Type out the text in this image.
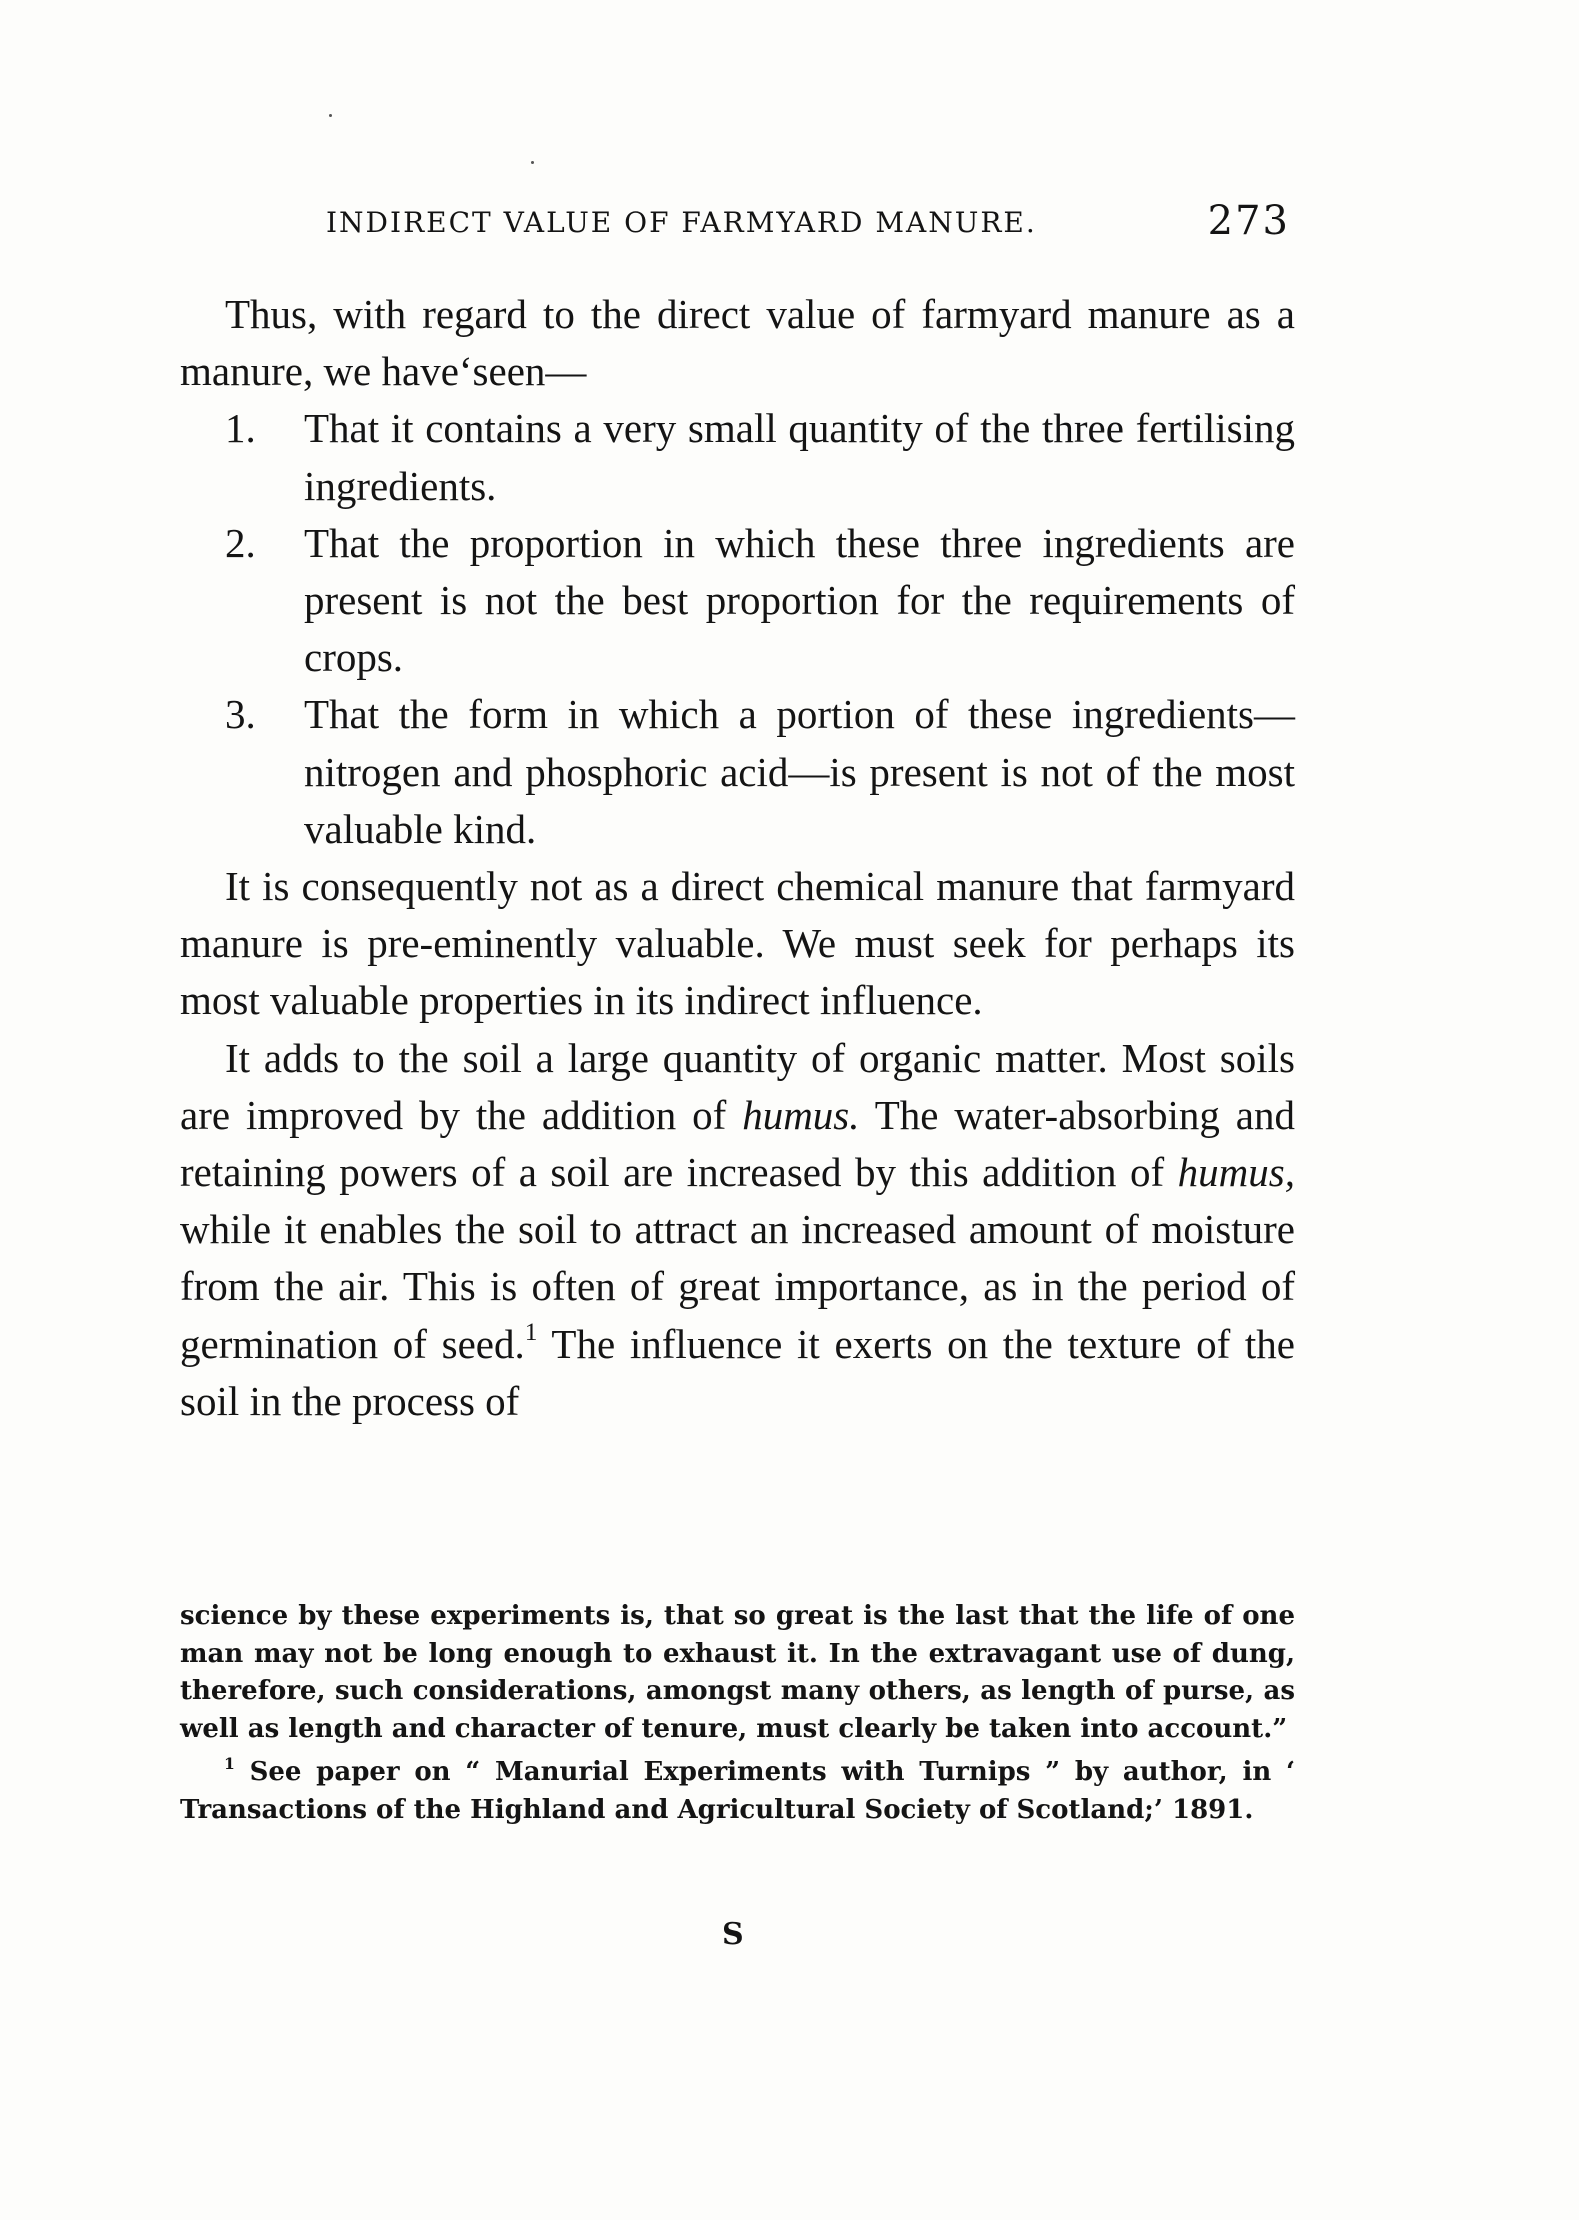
INDIRECT VALUE OF FARMYARD MANURE.	273

Thus, with regard to the direct value of farmyard manure as a manure, we have‘seen—

1. That it contains a very small quantity of the three fertilising ingredients.
2. That the proportion in which these three ingredients are present is not the best proportion for the requirements of crops.
3. That the form in which a portion of these ingredients—nitrogen and phosphoric acid—is present is not of the most valuable kind.

It is consequently not as a direct chemical manure that farmyard manure is pre-eminently valuable. We must seek for perhaps its most valuable properties in its indirect influence.

It adds to the soil a large quantity of organic matter. Most soils are improved by the addition of humus. The water-absorbing and retaining powers of a soil are increased by this addition of humus, while it enables the soil to attract an increased amount of moisture from the air. This is often of great importance, as in the period of germination of seed.$^1$ The influence it exerts on the texture of the soil in the process of

science by these experiments is, that so great is the last that the life of one man may not be long enough to exhaust it. In the extravagant use of dung, therefore, such considerations, amongst many others, as length of purse, as well as length and character of tenure, must clearly be taken into account.”

$^1$ See paper on “ Manurial Experiments with Turnips ” by author, in ‘ Transactions of the Highland and Agricultural Society of Scotland;’ 1891.

S
